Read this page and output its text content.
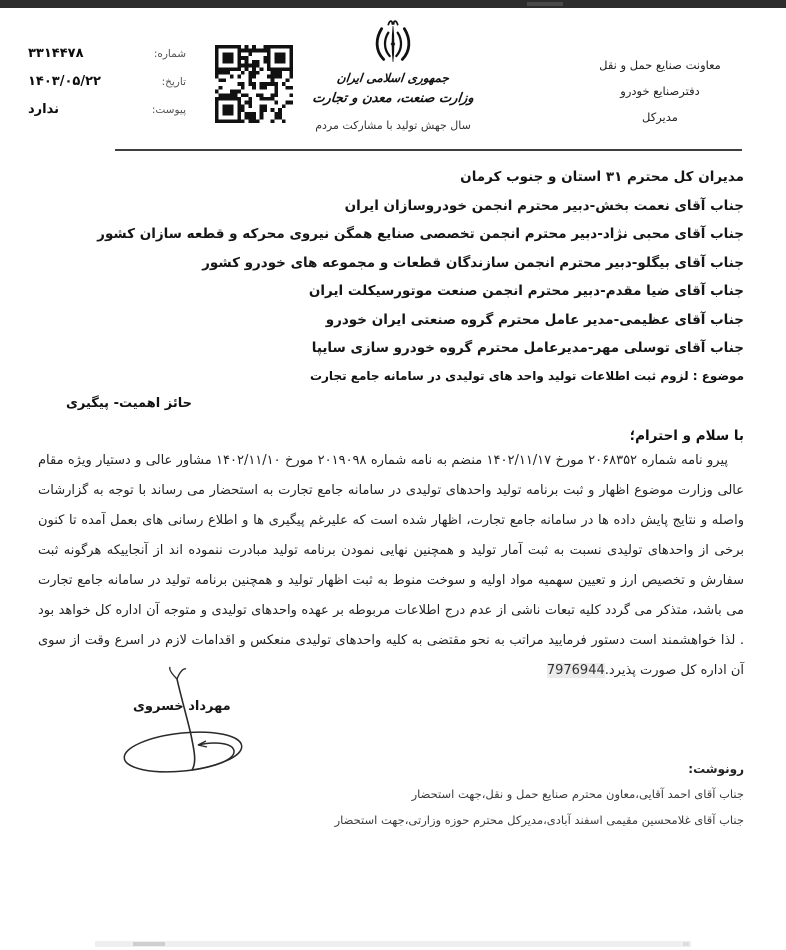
معاونت صنایع حمل و نقل
دفترصنایع خودرو
مدیرکل
جمهوری اسلامی ایران
وزارت صنعت، معدن و تجارت
سال جهش تولید با مشارکت مردم
شماره:
۳۳۱۴۴۷۸
تاریخ:
۱۴۰۳/۰۵/۲۲
پیوست:
ندارد
مدیران کل محترم ۳۱ استان و جنوب کرمان
جناب آقای نعمت بخش-دبیر محترم انجمن خودروسازان ایران
جناب آقای محبی نژاد-دبیر محترم انجمن تخصصی صنایع همگن نیروی محرکه و قطعه سازان کشور
جناب آقای بیگلو-دبیر محترم انجمن سازندگان قطعات و مجموعه های خودرو کشور
جناب آقای ضیا مقدم-دبیر محترم انجمن صنعت موتورسیکلت ایران
جناب آقای عظیمی-مدیر عامل محترم گروه صنعتی ایران خودرو
جناب آقای توسلی مهر-مدیرعامل محترم گروه خودرو سازی سایپا
موضوع : لزوم ثبت اطلاعات تولید واحد های تولیدی در سامانه جامع تجارت
حائز اهمیت- پیگیری
با سلام و احترام؛

پیرو نامه شماره ۲۰۶۸۳۵۲ مورخ ۱۴۰۲/۱۱/۱۷ منضم به نامه شماره ۲۰۱۹۰۹۸ مورخ ۱۴۰۲/۱۱/۱۰ مشاور عالی و دستیار ویژه مقام عالی وزارت موضوع اظهار و ثبت برنامه تولید واحدهای تولیدی در سامانه جامع تجارت به استحضار می رساند با توجه به گزارشات واصله و نتایج پایش داده ها در سامانه جامع تجارت، اظهار شده است که علیرغم پیگیری ها و اطلاع رسانی های بعمل آمده تا کنون برخی از واحدهای تولیدی نسبت به ثبت آمار تولید و همچنین نهایی نمودن برنامه تولید مبادرت ننموده اند از آنجاییکه هرگونه ثبت سفارش و تخصیص ارز و تعیین سهمیه مواد اولیه و سوخت منوط به ثبت اظهار تولید و همچنین برنامه تولید در سامانه جامع تجارت می باشد، متذکر می گردد کلیه تبعات ناشی از عدم درج اطلاعات مربوطه بر عهده واحدهای تولیدی و متوجه آن اداره کل خواهد بود . لذا خواهشمند است دستور فرمایید مراتب به نحو مقتضی به کلیه واحدهای تولیدی منعکس و اقدامات لازم در اسرع وقت از سوی آن اداره کل صورت پذیرد.7976944

مهرداد خسروی
رونوشت:
جناب آقای احمد آقایی،معاون محترم صنایع حمل و نقل،جهت استحضار
جناب آقای غلامحسین مقیمی اسفند آبادی،مدیرکل محترم حوزه وزارتی،جهت استحضار
